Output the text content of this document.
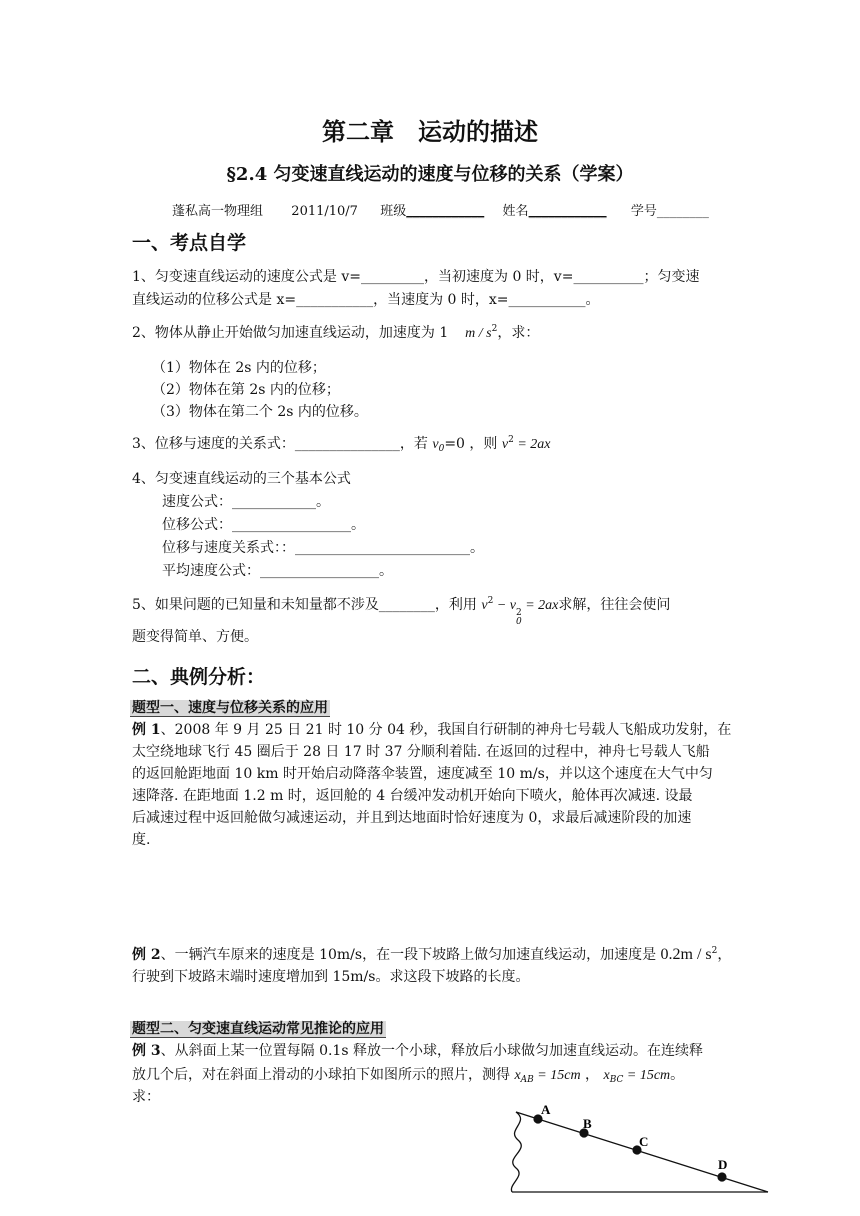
第二章　运动的描述
§2.4 匀变速直线运动的速度与位移的关系（学案）
蓬私高一物理组 2011/10/7 班级____________ 姓名____________ 学号________
一、考点自学
1、匀变速直线运动的速度公式是 v=_________，当初速度为 0 时，v=__________；匀变速
直线运动的位移公式是 x=___________，当速度为 0 时，x=___________。
2、物体从静止开始做匀加速直线运动，加速度为 1 m / $s^2$，求：
（1）物体在 2s 内的位移；
（2）物体在第 2s 内的位移；
（3）物体在第二个 2s 内的位移。
3、位移与速度的关系式：_______________，若 $v_0=0$ ，则 $v^2 = 2ax$
4、匀变速直线运动的三个基本公式
速度公式：____________。
位移公式：_________________。
位移与速度关系式：：_________________________。
平均速度公式：_________________。
5、如果问题的已知量和未知量都不涉及________，利用 $v^2 - v$ 2
0
= 2ax求解，往往会使问
题变得简单、方便。
二、典例分析：
题型一、速度与位移关系的应用
例 1、2008 年 9 月 25 日 21 时 10 分 04 秒，我国自行研制的神舟七号载人飞船成功发射，在
太空绕地球飞行 45 圈后于 28 日 17 时 37 分顺利着陆. 在返回的过程中，神舟七号载人飞船
的返回舱距地面 10 km 时开始启动降落伞装置，速度减至 10 m/s，并以这个速度在大气中匀
速降落. 在距地面 1.2 m 时，返回舱的 4 台缓冲发动机开始向下喷火，舱体再次减速. 设最
后减速过程中返回舱做匀减速运动，并且到达地面时恰好速度为 0，求最后减速阶段的加速
度.
例 2、一辆汽车原来的速度是 10m/s，在一段下坡路上做匀加速直线运动，加速度是 $0.2m / s^2$，
行驶到下坡路末端时速度增加到 15m/s。求这段下坡路的长度。
题型二、匀变速直线运动常见推论的应用
例 3、从斜面上某一位置每隔 0.1s 释放一个小球，释放后小球做匀加速直线运动。在连续释
放几个后，对在斜面上滑动的小球拍下如图所示的照片，测得 $x_{AB} = 15cm$ ， $x_{BC} = 15cm$。
求：
A
B
C
D
